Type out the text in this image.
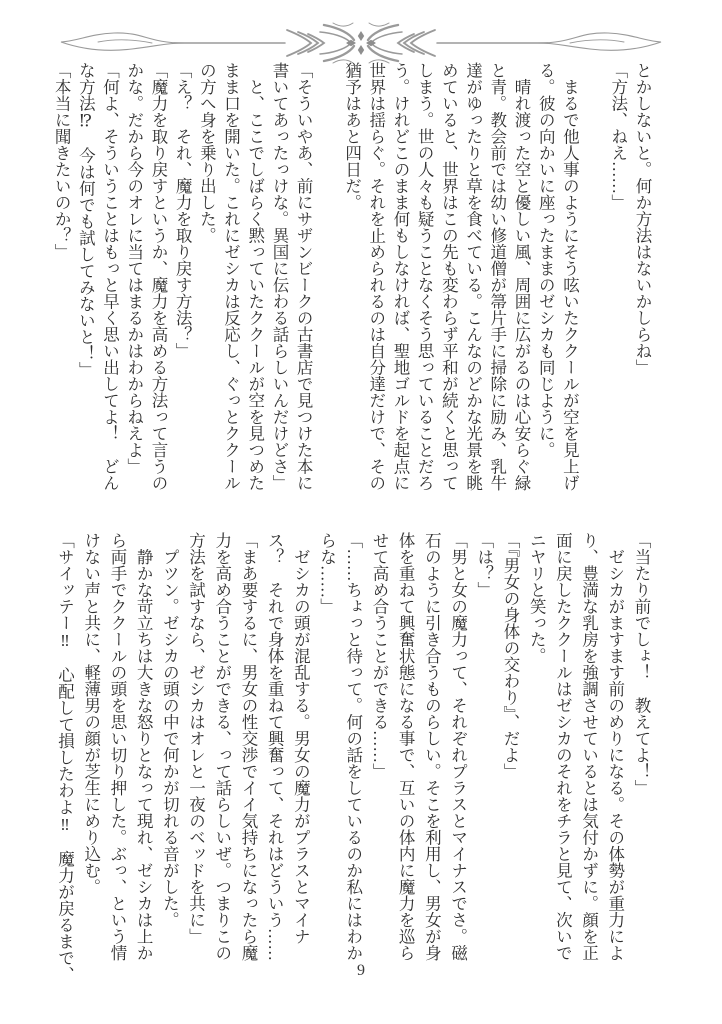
とかしないと。何か方法はないかしらね」

「方法、ねえ……」

　まるで他人事のようにそう呟いたククールが空を見上げ

る。彼の向かいに座ったままのゼシカも同じように。

　晴れ渡った空と優しい風、周囲に広がるのは心安らぐ緑

と青。教会前では幼い修道僧が箒片手に掃除に励み、乳牛

達がゆったりと草を食べている。こんなのどかな光景を眺

めていると、世界はこの先も変わらず平和が続くと思って

しまう。世の人々も疑うことなくそう思っていることだろ

う。けれどこのまま何もしなければ、聖地ゴルドを起点に

世界は揺らぐ。それを止められるのは自分達だけで、その

猶予はあと四日だ。

「そういやあ、前にサザンビークの古書店で見つけた本に

書いてあったっけな。異国に伝わる話らしいんだけどさ」

　と、ここでしばらく黙っていたククールが空を見つめた

まま口を開いた。これにゼシカは反応し、ぐっとククール

の方へ身を乗り出した。

「え？　それ、魔力を取り戻す方法？」

「魔力を取り戻すというか、魔力を高める方法って言うの

かな。だから今のオレに当てはまるかはわからねえよ」

「何よ、そういうことはもっと早く思い出してよ！　どん

な方法⁉　今は何でも試してみないと！」

「本当に聞きたいのか？」

「当たり前でしょ！　教えてよ！」

　ゼシカがますます前のめりになる。その体勢が重力によ

り、豊満な乳房を強調させているとは気付かずに。顔を正

面に戻したククールはゼシカのそれをチラと見て、次いで

ニヤリと笑った。

「『男女の身体の交わり』、だよ」

「は？」

「男と女の魔力って、それぞれプラスとマイナスでさ。磁

石のように引き合うものらしい。そこを利用し、男女が身

体を重ねて興奮状態になる事で、互いの体内に魔力を巡ら

せて高め合うことができる……」

「……ちょっと待って。何の話をしているのか私にはわか

らな……」

　ゼシカの頭が混乱する。男女の魔力がプラスとマイナ

ス？　それで身体を重ねて興奮って、それはどういう……

「まあ要するに、男女の性交渉でイイ気持ちになったら魔

力を高め合うことができる、って話らしいぜ。つまりこの

方法を試すなら、ゼシカはオレと一夜のベッドを共に」

　プツン。ゼシカの頭の中で何かが切れる音がした。

　静かな苛立ちは大きな怒りとなって現れ、ゼシカは上か

ら両手でククールの頭を思い切り押した。ぶっ、という情

けない声と共に、軽薄男の顔が芝生にめり込む。

「サイッテー‼　心配して損したわよ‼　魔力が戻るまで、	9
